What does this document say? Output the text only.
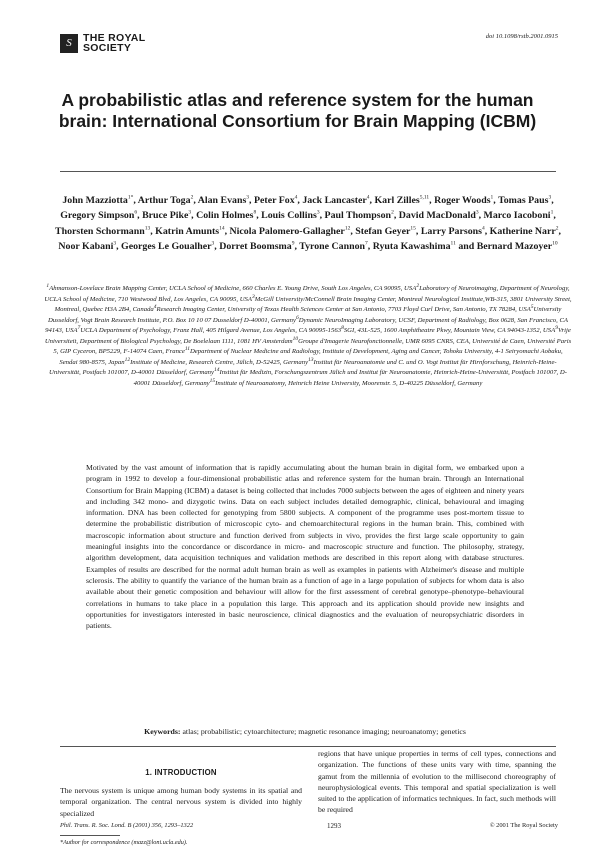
S	THE ROYAL
SOCIETY
doi 10.1098/rstb.2001.0915
A probabilistic atlas and reference system for the human brain: International Consortium for Brain Mapping (ICBM)
John Mazziotta$^{1*}$, Arthur Toga$^2$, Alan Evans$^3$, Peter Fox$^4$, Jack Lancaster$^4$, Karl Zilles$^{5,11}$, Roger Woods$^1$, Tomas Paus$^3$, Gregory Simpson$^6$, Bruce Pike$^3$, Colin Holmes$^8$, Louis Collins$^3$, Paul Thompson$^2$, David MacDonald$^3$, Marco Iacoboni$^1$, Thorsten Schormann$^{13}$, Katrin Amunts$^{14}$, Nicola Palomero-Gallagher$^{12}$, Stefan Geyer$^{15}$, Larry Parsons$^4$, Katherine Narr$^2$, Noor Kabani$^3$, Georges Le Goualher$^3$, Dorret Boomsma$^9$, Tyrone Cannon$^7$, Ryuta Kawashima$^{11}$ and Bernard Mazoyer$^{10}$
$^1$Ahmanson-Lovelace Brain Mapping Center, UCLA School of Medicine, 660 Charles E. Young Drive, South Los Angeles, CA 90095, USA$^2$Laboratory of Neuroimaging, Department of Neurology, UCLA School of Medicine, 710 Westwood Blvd, Los Angeles, CA 90095, USA$^3$McGill University/McConnell Brain Imaging Center, Montreal Neurological Institute,WB-315, 3801 University Street, Montreal, Quebec H3A 2B4, Canada$^4$Research Imaging Center, University of Texas Health Sciences Center at San Antonio, 7703 Floyd Curl Drive, San Antonio, TX 78284, USA$^5$University Dusseldorf, Vogt Brain Research Institute, P.O. Box 10 10 07 Dusseldorf D-40001, Germany$^6$Dynamic NeuroImaging Laboratory, UCSF, Department of Radiology, Box 0628, San Francisco, CA 94143, USA$^7$UCLA Department of Psychology, Franz Hall, 405 Hilgard Avenue, Los Angeles, CA 90095-1563$^8$SGI, 43L-525, 1600 Amphitheatre Pkwy, Mountain View, CA 94043-1352, USA$^9$Vrije Universiteit, Department of Biological Psychology, De Boelelaan 1111, 1081 HV Amsterdam$^{10}$Groupe d'Imagerie Neurofonctionnelle, UMR 6095 CNRS, CEA, Université de Caen, Université Paris 5, GIP Cyceron, BP5229, F-14074 Caen, France$^{11}$Department of Nuclear Medicine and Radiology, Institute of Development, Aging and Cancer, Tohoku University, 4-1 Seiryomachi Aobaku, Sendai 980-8575, Japan$^{12}$Institute of Medicine, Research Centre, Jülich, D-52425, Germany$^{13}$Institut für Neuroanatomie und C. und O. Vogt Institut für Hirnforschung, Heinrich-Heine-Universität, Postfach 101007, D-40001 Düsseldorf, Germany$^{14}$Institut für Medizin, Forschungszentrum Jülich und Institut für Neuroanatomie, Heinrich-Heine-Universität, Postfach 101007, D-40001 Düsseldorf, Germany$^{15}$Institute of Neuroanatomy, Heinrich Heine University, Moorenstr. 5, D-40225 Düsseldorf, Germany

Motivated by the vast amount of information that is rapidly accumulating about the human brain in digital form, we embarked upon a program in 1992 to develop a four-dimensional probabilistic atlas and reference system for the human brain. Through an International Consortium for Brain Mapping (ICBM) a dataset is being collected that includes 7000 subjects between the ages of eighteen and ninety years and including 342 mono- and dizygotic twins. Data on each subject includes detailed demographic, clinical, behavioural and imaging information. DNA has been collected for genotyping from 5800 subjects. A component of the programme uses post-mortem tissue to determine the probabilistic distribution of microscopic cyto- and chemoarchitectural regions in the human brain. This, combined with macroscopic information about structure and function derived from subjects in vivo, provides the first large scale opportunity to gain meaningful insights into the concordance or discordance in micro- and macroscopic structure and function. The philosophy, strategy, algorithm development, data acquisition techniques and validation methods are described in this report along with database structures. Examples of results are described for the normal adult human brain as well as examples in patients with Alzheimer's disease and multiple sclerosis. The ability to quantify the variance of the human brain as a function of age in a large population of subjects for whom data is also available about their genetic composition and behaviour will allow for the first assessment of cerebral genotype–phenotype–behavioural correlations in humans to take place in a population this large. This approach and its application should provide new insights and opportunities for investigators interested in basic neuroscience, clinical diagnostics and the evaluation of neuropsychiatric disorders in patients.

Keywords: atlas; probabilistic; cytoarchitecture; magnetic resonance imaging; neuroanatomy; genetics
1. INTRODUCTION

The nervous system is unique among human body systems in its spatial and temporal organization. The central nervous system is divided into highly specialized

*Author for correspondence (mazz@loni.ucla.edu).

regions that have unique properties in terms of cell types, connections and organization. The functions of these units vary with time, spanning the gamut from the millennia of evolution to the millisecond choreography of neurophysiological events. This temporal and spatial specialization is well suited to the application of informatics techniques. In fact, such methods will be required

Phil. Trans. R. Soc. Lond. B (2001) 356, 1293–1322	1293	© 2001 The Royal Society
